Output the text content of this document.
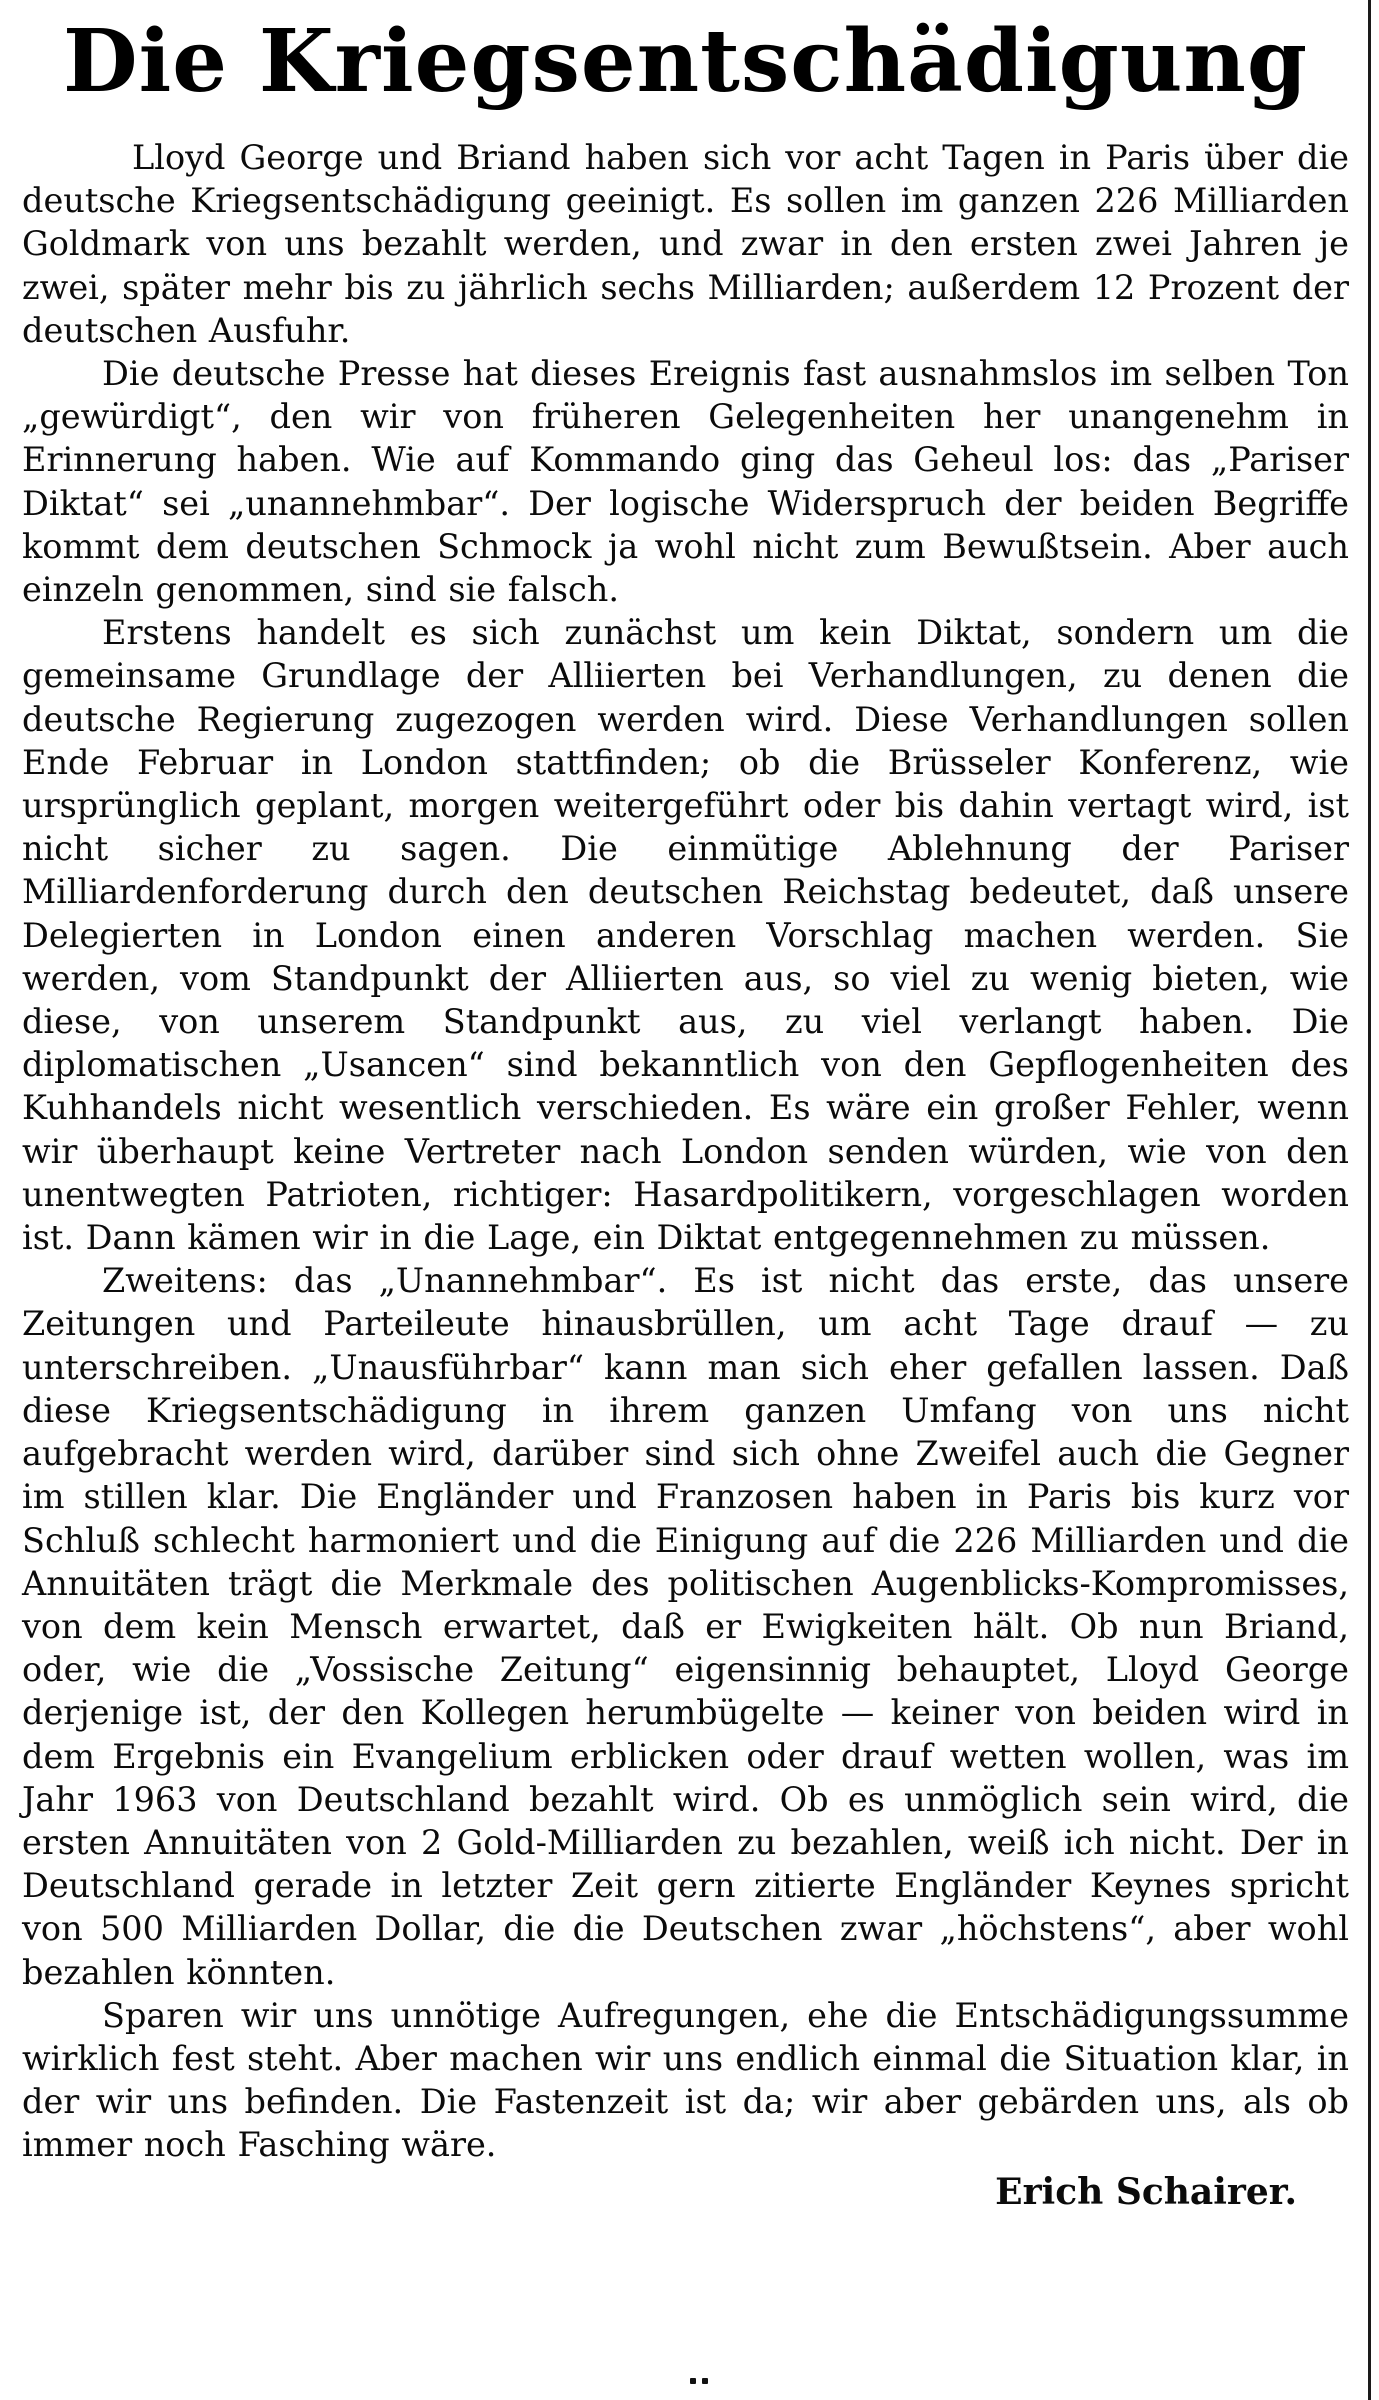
Die Kriegsentschädigung

Lloyd George und Briand haben sich vor acht Tagen in Paris über die deutsche Kriegsentschädigung geeinigt. Es sollen im ganzen 226 Milliarden Goldmark von uns bezahlt werden, und zwar in den ersten zwei Jahren je zwei, später mehr bis zu jährlich sechs Milliarden; außerdem 12 Prozent der deutschen Ausfuhr.

Die deutsche Presse hat dieses Ereignis fast ausnahmslos im selben Ton „gewürdigt“, den wir von früheren Gelegenheiten her unangenehm in Erinnerung haben. Wie auf Kommando ging das Geheul los: das „Pariser Diktat“ sei „unannehmbar“. Der logische Widerspruch der beiden Begriffe kommt dem deutschen Schmock ja wohl nicht zum Bewußtsein. Aber auch einzeln genommen, sind sie falsch.

Erstens handelt es sich zunächst um kein Diktat, sondern um die gemeinsame Grundlage der Alliierten bei Verhandlungen, zu denen die deutsche Regierung zugezogen werden wird. Diese Verhandlungen sollen Ende Februar in London stattfinden; ob die Brüsseler Konferenz, wie ursprünglich geplant, morgen weitergeführt oder bis dahin vertagt wird, ist nicht sicher zu sagen. Die einmütige Ablehnung der Pariser Milliardenforderung durch den deutschen Reichstag bedeutet, daß unsere Delegierten in London einen anderen Vorschlag machen werden. Sie werden, vom Standpunkt der Alliierten aus, so viel zu wenig bieten, wie diese, von unserem Standpunkt aus, zu viel verlangt haben. Die diplomatischen „Usancen“ sind bekanntlich von den Gepflogenheiten des Kuhhandels nicht wesentlich verschieden. Es wäre ein großer Fehler, wenn wir überhaupt keine Vertreter nach London senden würden, wie von den unentwegten Patrioten, richtiger: Hasardpolitikern, vorgeschlagen worden ist. Dann kämen wir in die Lage, ein Diktat entgegennehmen zu müssen.

Zweitens: das „Unannehmbar“. Es ist nicht das erste, das unsere Zeitungen und Parteileute hinausbrüllen, um acht Tage drauf — zu unterschreiben. „Unausführbar“ kann man sich eher gefallen lassen. Daß diese Kriegsentschädigung in ihrem ganzen Umfang von uns nicht aufgebracht werden wird, darüber sind sich ohne Zweifel auch die Gegner im stillen klar. Die Engländer und Franzosen haben in Paris bis kurz vor Schluß schlecht harmoniert und die Einigung auf die 226 Milliarden und die Annuitäten trägt die Merkmale des politischen Augenblicks-Kompromisses, von dem kein Mensch erwartet, daß er Ewigkeiten hält. Ob nun Briand, oder, wie die „Vossische Zeitung“ eigensinnig behauptet, Lloyd George derjenige ist, der den Kollegen herumbügelte — keiner von beiden wird in dem Ergebnis ein Evangelium erblicken oder drauf wetten wollen, was im Jahr 1963 von Deutschland bezahlt wird. Ob es unmöglich sein wird, die ersten Annuitäten von 2 Gold-Milliarden zu bezahlen, weiß ich nicht. Der in Deutschland gerade in letzter Zeit gern zitierte Engländer Keynes spricht von 500 Milliarden Dollar, die die Deutschen zwar „höchstens“, aber wohl bezahlen könnten.

Sparen wir uns unnötige Aufregungen, ehe die Entschädigungssumme wirklich fest steht. Aber machen wir uns endlich einmal die Situation klar, in der wir uns befinden. Die Fastenzeit ist da; wir aber gebärden uns, als ob immer noch Fasching wäre.

Erich Schairer.
